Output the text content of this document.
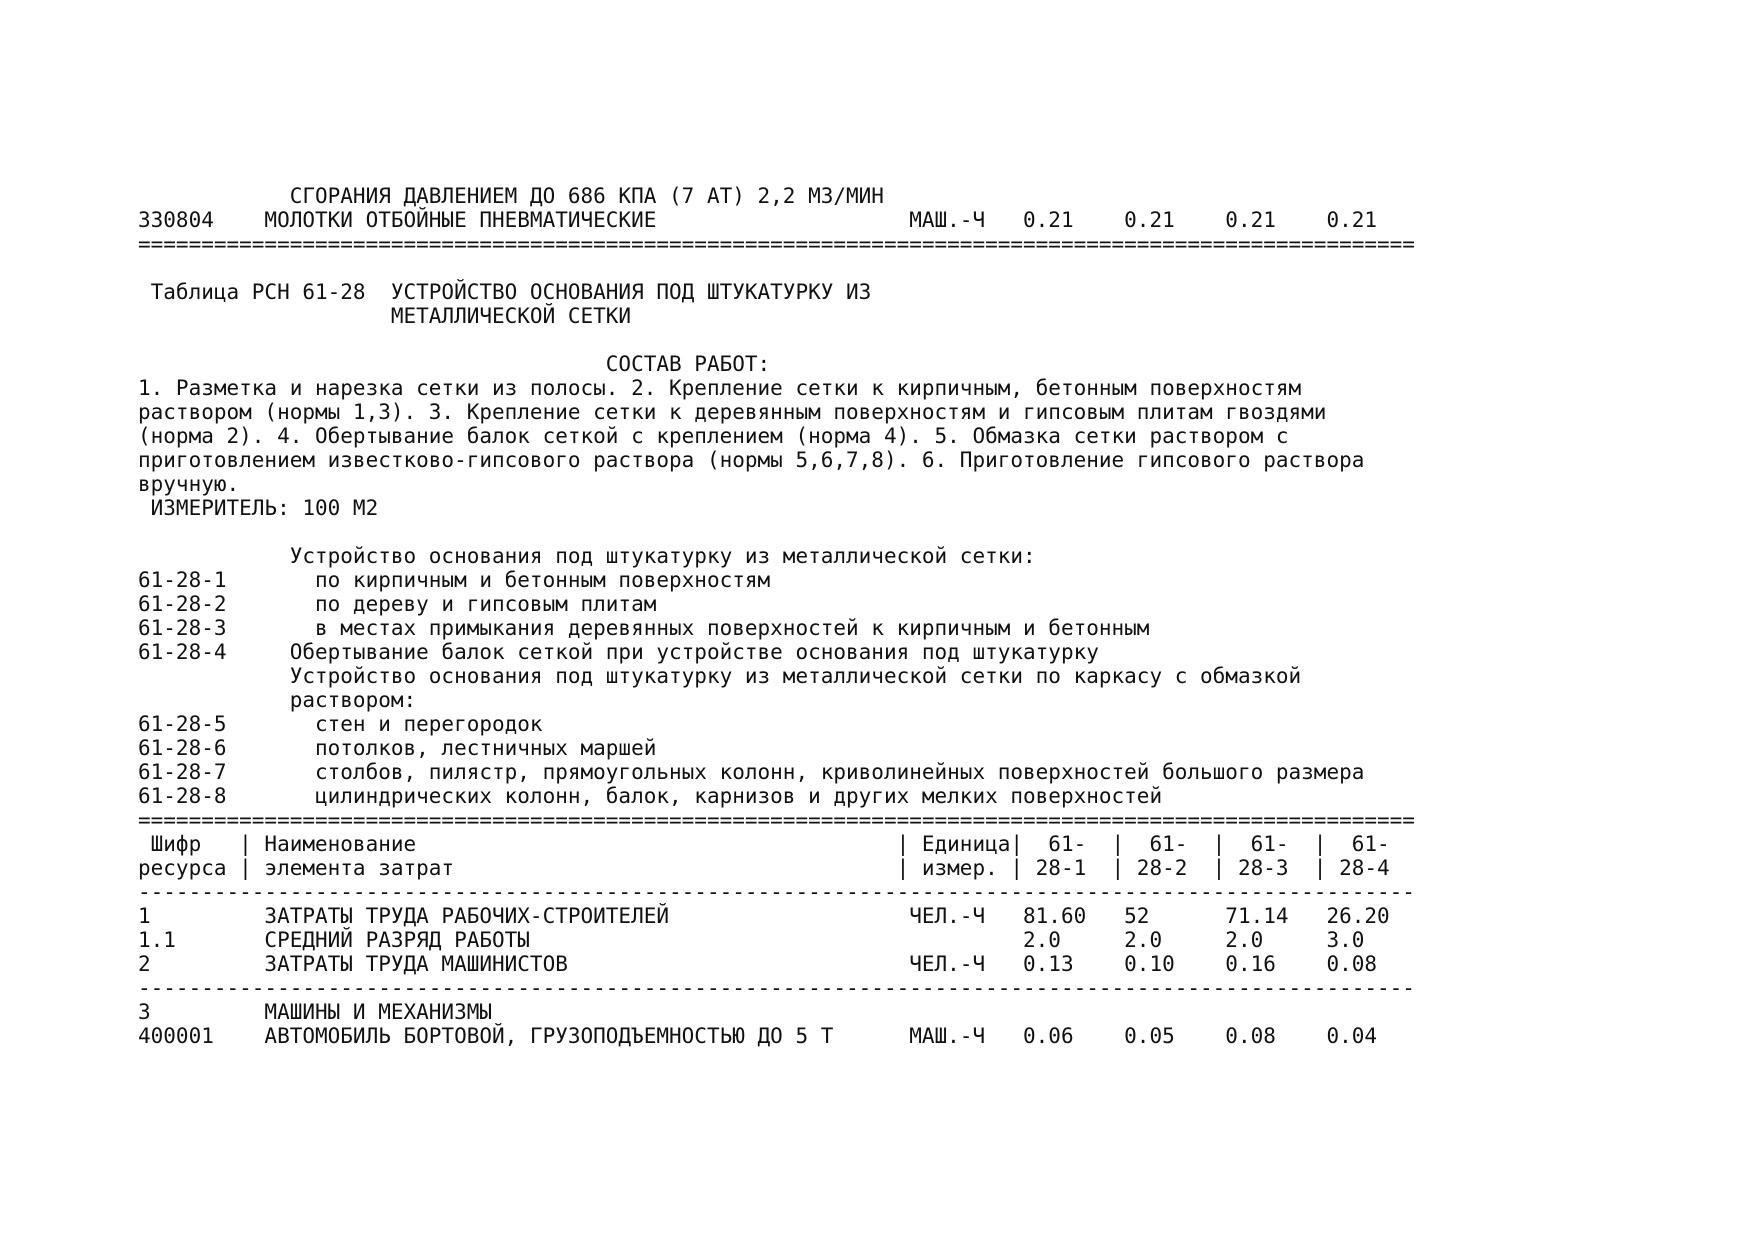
СГОРАНИЯ ДАВЛЕНИЕМ ДО 686 КПА (7 АТ) 2,2 М3/МИН
330804    МОЛОТКИ ОТБОЙНЫЕ ПНЕВМАТИЧЕСКИЕ                    МАШ.-Ч   0.21    0.21    0.21    0.21
=====================================================================================================
Таблица РСН 61-28  УСТРОЙСТВО ОСНОВАНИЯ ПОД ШТУКАТУРКУ ИЗ
МЕТАЛЛИЧЕСКОЙ СЕТКИ
СОСТАВ РАБОТ:
1. Разметка и нарезка сетки из полосы. 2. Крепление сетки к кирпичным, бетонным поверхностям
раствором (нормы 1,3). 3. Крепление сетки к деревянным поверхностям и гипсовым плитам гвоздями
(норма 2). 4. Обертывание балок сеткой с креплением (норма 4). 5. Обмазка сетки раствором с
приготовлением известково-гипсового раствора (нормы 5,6,7,8). 6. Приготовление гипсового раствора
вручную.
ИЗМЕРИТЕЛЬ: 100 М2
Устройство основания под штукатурку из металлической сетки:
61-28-1       по кирпичным и бетонным поверхностям
61-28-2       по дереву и гипсовым плитам
61-28-3       в местах примыкания деревянных поверхностей к кирпичным и бетонным
61-28-4     Обертывание балок сеткой при устройстве основания под штукатурку
Устройство основания под штукатурку из металлической сетки по каркасу с обмазкой
раствором:
61-28-5       стен и перегородок
61-28-6       потолков, лестничных маршей
61-28-7       столбов, пилястр, прямоугольных колонн, криволинейных поверхностей большого размера
61-28-8       цилиндрических колонн, балок, карнизов и других мелких поверхностей
=====================================================================================================
Шифр   | Наименование                                      | Единица|  61-  |  61-  |  61-  |  61-
ресурса | элемента затрат                                   | измер. | 28-1  | 28-2  | 28-3  | 28-4
-----------------------------------------------------------------------------------------------------
1         ЗАТРАТЫ ТРУДА РАБОЧИХ-СТРОИТЕЛЕЙ                   ЧЕЛ.-Ч   81.60   52      71.14   26.20
1.1       СРЕДНИЙ РАЗРЯД РАБОТЫ                                       2.0     2.0     2.0     3.0
2         ЗАТРАТЫ ТРУДА МАШИНИСТОВ                           ЧЕЛ.-Ч   0.13    0.10    0.16    0.08
-----------------------------------------------------------------------------------------------------
3         МАШИНЫ И МЕХАНИЗМЫ
400001    АВТОМОБИЛЬ БОРТОВОЙ, ГРУЗОПОДЪЕМНОСТЬЮ ДО 5 Т      МАШ.-Ч   0.06    0.05    0.08    0.04
